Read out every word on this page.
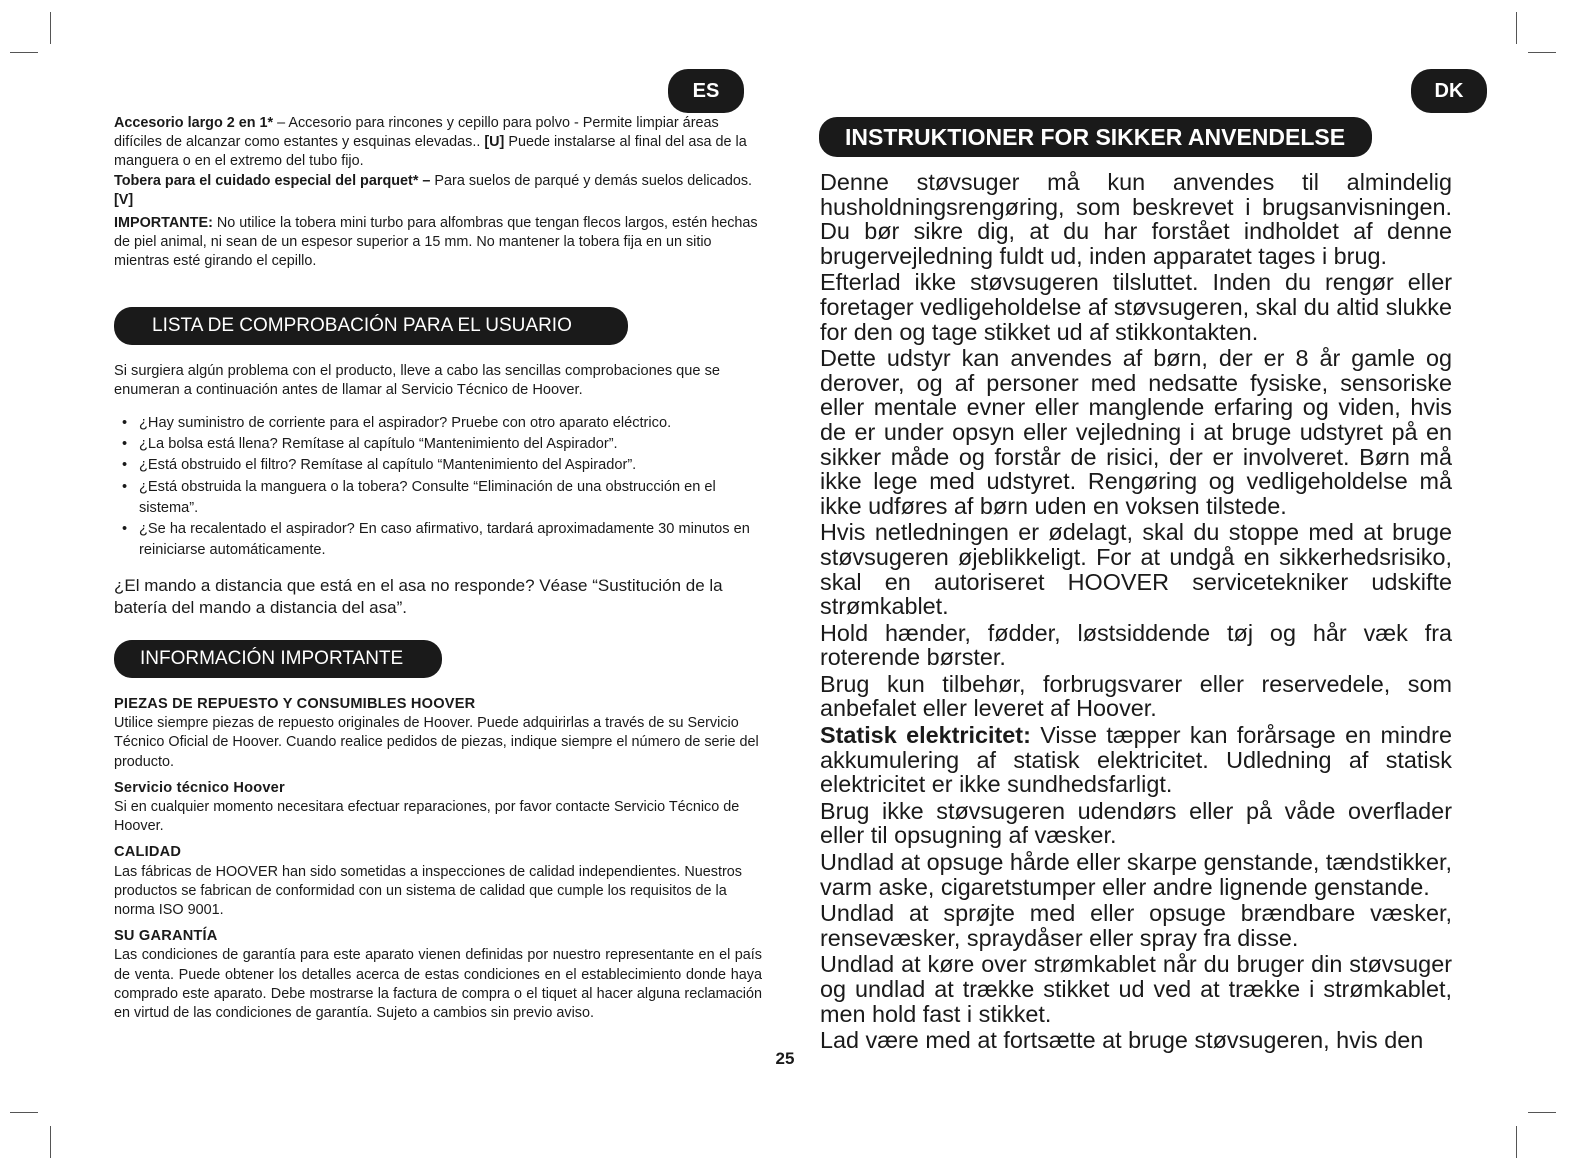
ES	DK

Accesorio largo 2 en 1* – Accesorio para rincones y cepillo para polvo - Permite limpiar áreas difíciles de alcanzar como estantes y esquinas elevadas.. [U] Puede instalarse al final del asa de la manguera o en el extremo del tubo fijo.

Tobera para el cuidado especial del parquet* – Para suelos de parqué y demás suelos delicados. [V]

IMPORTANTE: No utilice la tobera mini turbo para alfombras que tengan flecos largos, estén hechas de piel animal, ni sean de un espesor superior a 15 mm. No mantener la tobera fija en un sitio mientras esté girando el cepillo.

LISTA DE COMPROBACIÓN PARA EL USUARIO
Si surgiera algún problema con el producto, lleve a cabo las sencillas comprobaciones que se enumeran a continuación antes de llamar al Servicio Técnico de Hoover.
• ¿Hay suministro de corriente para el aspirador? Pruebe con otro aparato eléctrico.
• ¿La bolsa está llena? Remítase al capítulo “Mantenimiento del Aspirador”.
• ¿Está obstruido el filtro? Remítase al capítulo “Mantenimiento del Aspirador”.
• ¿Está obstruida la manguera o la tobera? Consulte “Eliminación de una obstrucción en el sistema”.
• ¿Se ha recalentado el aspirador? En caso afirmativo, tardará aproximadamente 30 minutos en reiniciarse automáticamente.
¿El mando a distancia que está en el asa no responde? Véase “Sustitución de la batería del mando a distancia del asa”.
INFORMACIÓN IMPORTANTE

PIEZAS DE REPUESTO Y CONSUMIBLES HOOVER

Utilice siempre piezas de repuesto originales de Hoover. Puede adquirirlas a través de su Servicio Técnico Oficial de Hoover. Cuando realice pedidos de piezas, indique siempre el número de serie del producto.

Servicio técnico Hoover

Si en cualquier momento necesitara efectuar reparaciones, por favor contacte Servicio Técnico de Hoover.

CALIDAD

Las fábricas de HOOVER han sido sometidas a inspecciones de calidad independientes. Nuestros productos se fabrican de conformidad con un sistema de calidad que cumple los requisitos de la norma ISO 9001.

SU GARANTÍA

Las condiciones de garantía para este aparato vienen definidas por nuestro representante en el país de venta. Puede obtener los detalles acerca de estas condiciones en el establecimiento donde haya comprado este aparato. Debe mostrarse la factura de compra o el tiquet al hacer alguna reclamación en virtud de las condiciones de garantía. Sujeto a cambios sin previo aviso.

25
INSTRUKTIONER FOR SIKKER ANVENDELSE

Denne støvsuger må kun anvendes til almindelig husholdningsrengøring, som beskrevet i brugsanvisningen. Du bør sikre dig, at du har forstået indholdet af denne brugervejledning fuldt ud, inden apparatet tages i brug.

Efterlad ikke støvsugeren tilsluttet. Inden du rengør eller foretager vedligeholdelse af støvsugeren, skal du altid slukke for den og tage stikket ud af stikkontakten.

Dette udstyr kan anvendes af børn, der er 8 år gamle og derover, og af personer med nedsatte fysiske, sensoriske eller mentale evner eller manglende erfaring og viden, hvis de er under opsyn eller vejledning i at bruge udstyret på en sikker måde og forstår de risici, der er involveret. Børn må ikke lege med udstyret. Rengøring og vedligeholdelse må ikke udføres af børn uden en voksen tilstede.

Hvis netledningen er ødelagt, skal du stoppe med at bruge støvsugeren øjeblikkeligt. For at undgå en sikkerhedsrisiko, skal en autoriseret HOOVER servicetekniker udskifte strømkablet.

Hold hænder, fødder, løstsiddende tøj og hår væk fra roterende børster.

Brug kun tilbehør, forbrugsvarer eller reservedele, som anbefalet eller leveret af Hoover.

Statisk elektricitet: Visse tæpper kan forårsage en mindre akkumulering af statisk elektricitet. Udledning af statisk elektricitet er ikke sundhedsfarligt.

Brug ikke støvsugeren udendørs eller på våde overflader eller til opsugning af væsker.

Undlad at opsuge hårde eller skarpe genstande, tændstikker, varm aske, cigaretstumper eller andre lignende genstande.

Undlad at sprøjte med eller opsuge brændbare væsker, rensevæsker, spraydåser eller spray fra disse.

Undlad at køre over strømkablet når du bruger din støvsuger og undlad at trække stikket ud ved at trække i strømkablet, men hold fast i stikket.

Lad være med at fortsætte at bruge støvsugeren, hvis den
